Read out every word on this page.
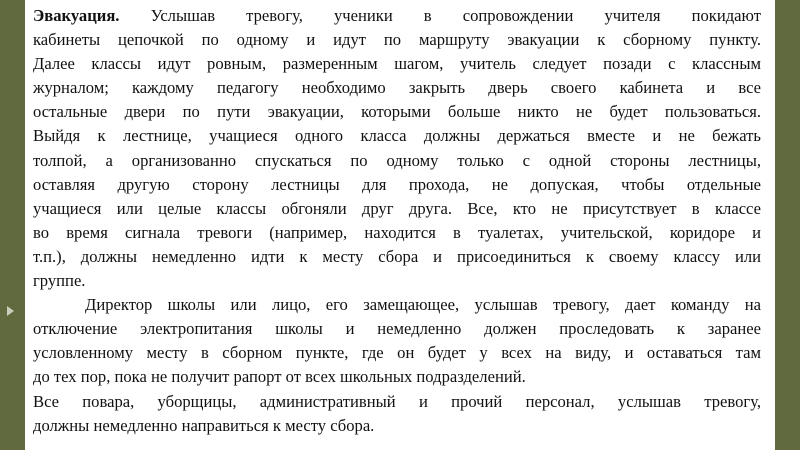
Эвакуация. Услышав тревогу, ученики в сопровождении учителя покидают
кабинеты цепочкой по одному и идут по маршруту эвакуации к сборному пункту.
Далее классы идут ровным, размеренным шагом, учитель следует позади с классным
журналом; каждому педагогу необходимо закрыть дверь своего кабинета и все
остальные двери по пути эвакуации, которыми больше никто не будет пользоваться.
Выйдя к лестнице, учащиеся одного класса должны держаться вместе и не бежать
толпой, а организованно спускаться по одному только с одной стороны лестницы,
оставляя другую сторону лестницы для прохода, не допуская, чтобы отдельные
учащиеся или целые классы обгоняли друг друга. Все, кто не присутствует в классе
во время сигнала тревоги (например, находится в туалетах, учительской, коридоре и
т.п.), должны немедленно идти к месту сбора и присоединиться к своему классу или
группе.
Директор школы или лицо, его замещающее, услышав тревогу, дает команду на
отключение электропитания школы и немедленно должен проследовать к заранее
условленному месту в сборном пункте, где он будет у всех на виду, и оставаться там
до тех пор, пока не получит рапорт от всех школьных подразделений.
Все повара, уборщицы, административный и прочий персонал, услышав тревогу,
должны немедленно направиться к месту сбора.
